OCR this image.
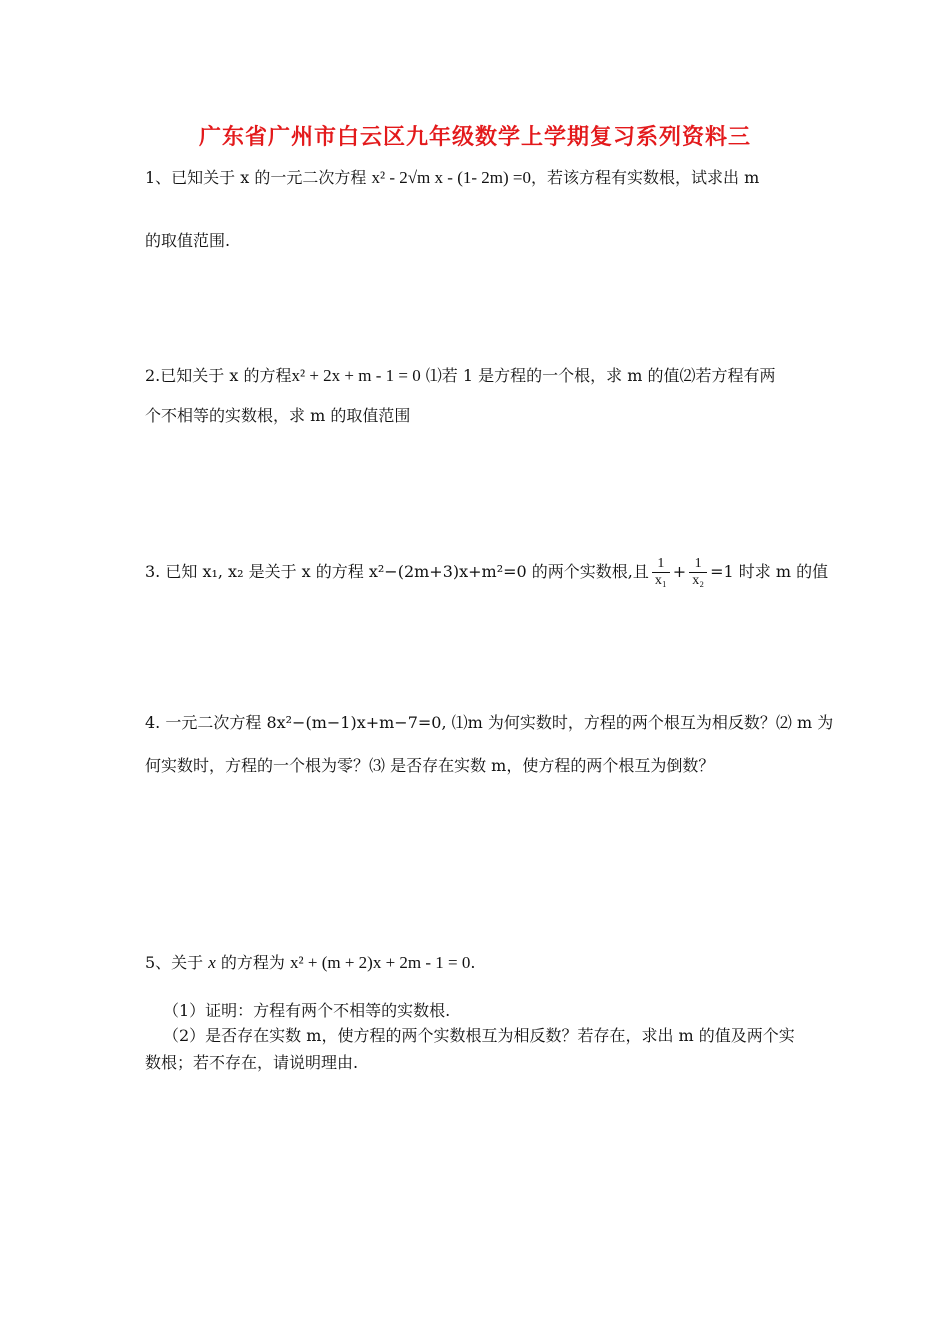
广东省广州市白云区九年级数学上学期复习系列资料三
1、已知关于 x 的一元二次方程 x² - 2√m x - (1- 2m) =0，若该方程有实数根，试求出 m
的取值范围.
2.已知关于 x 的方程x² + 2x + m - 1 = 0 ⑴若 1 是方程的一个根，求 m 的值⑵若方程有两
个不相等的实数根，求 m 的取值范围
3. 已知 x₁, x₂ 是关于 x 的方程 x²−(2m+3)x+m²=0 的两个实数根,且 $\frac{1}{\text{x₁}} + \frac{1}{\text{x₂}} =1$ 时求 m 的值
4. 一元二次方程 8x²−(m−1)x+m−7=0, ⑴m 为何实数时，方程的两个根互为相反数？⑵ m 为
何实数时，方程的一个根为零？⑶ 是否存在实数 m，使方程的两个根互为倒数？
5、关于 x 的方程为 x² + (m + 2)x + 2m - 1 = 0.
（1）证明：方程有两个不相等的实数根.
（2）是否存在实数 m，使方程的两个实数根互为相反数？若存在，求出 m 的值及两个实
数根；若不存在，请说明理由.
